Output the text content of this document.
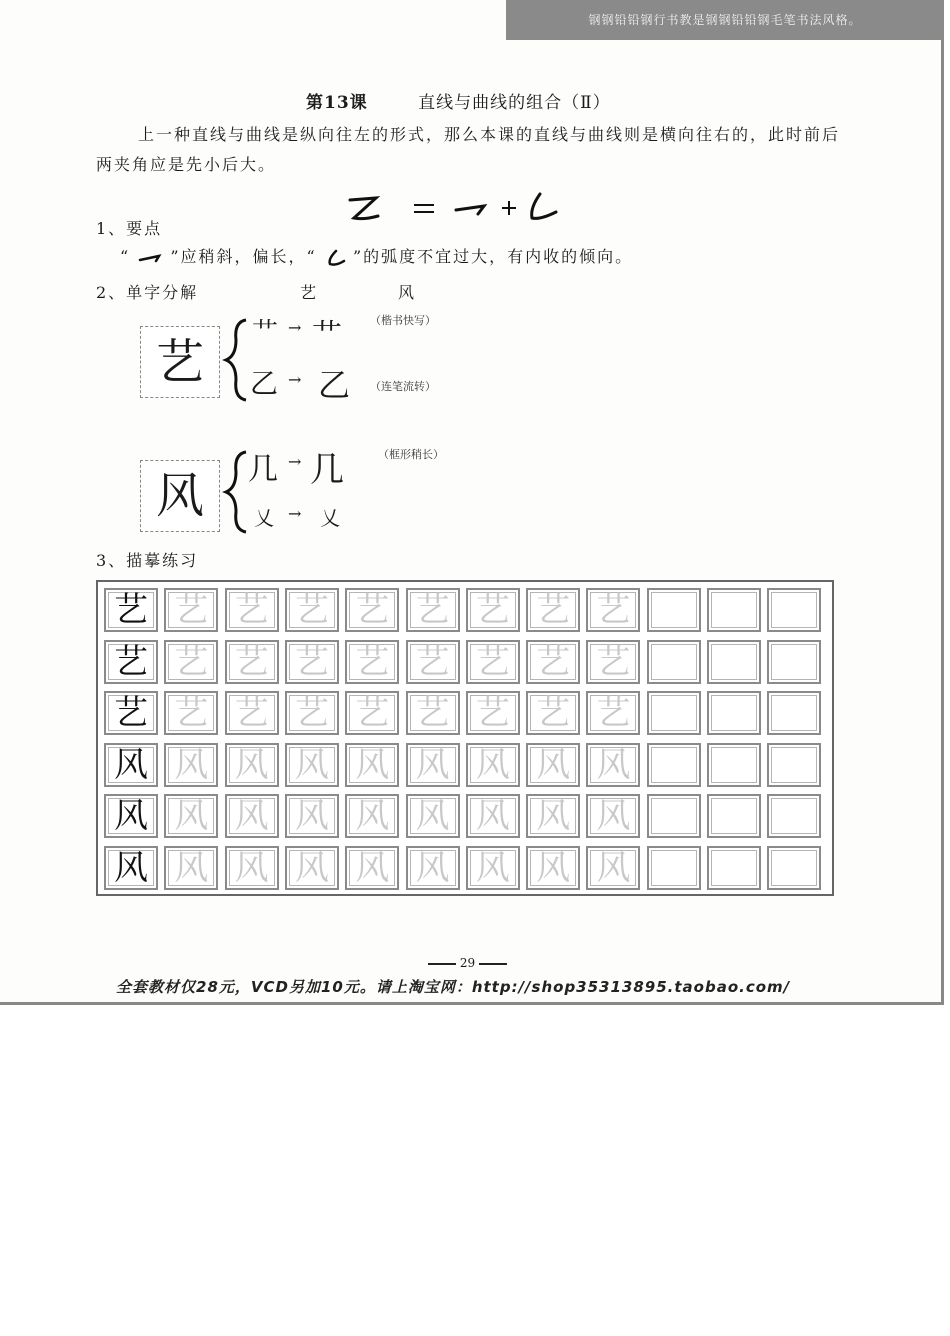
钢钢铅铅钢行书教是钢钢铅铅钢毛笔书法风格。
第13课	直线与曲线的组合（Ⅱ）
上一种直线与曲线是纵向往左的形式，那么本课的直线与曲线则是横向往右的，此时前后两夹角应是先小后大。
1、要点
“	”应稍斜，偏长，“ ”的弧度不宜过大，有内收的倾向。
2、单字分解	艺	风
艺
艹 → 艹
乙 → 乙
（楷书快写）
（连笔流转）
风	几 → 几
乂 → 乂
（框形稍长）
3、描摹练习
艺 艺 艺 艺 艺 艺 艺 艺 艺
艺 艺 艺 艺 艺 艺 艺 艺 艺
艺 艺 艺 艺 艺 艺 艺 艺 艺
风 风 风 风 风 风 风 风 风
风 风 风 风 风 风 风 风 风
风 风 风 风 风 风 风 风 风
29
全套教材仅28元，VCD另加10元。请上淘宝网：http://shop35313895.taobao.com/
